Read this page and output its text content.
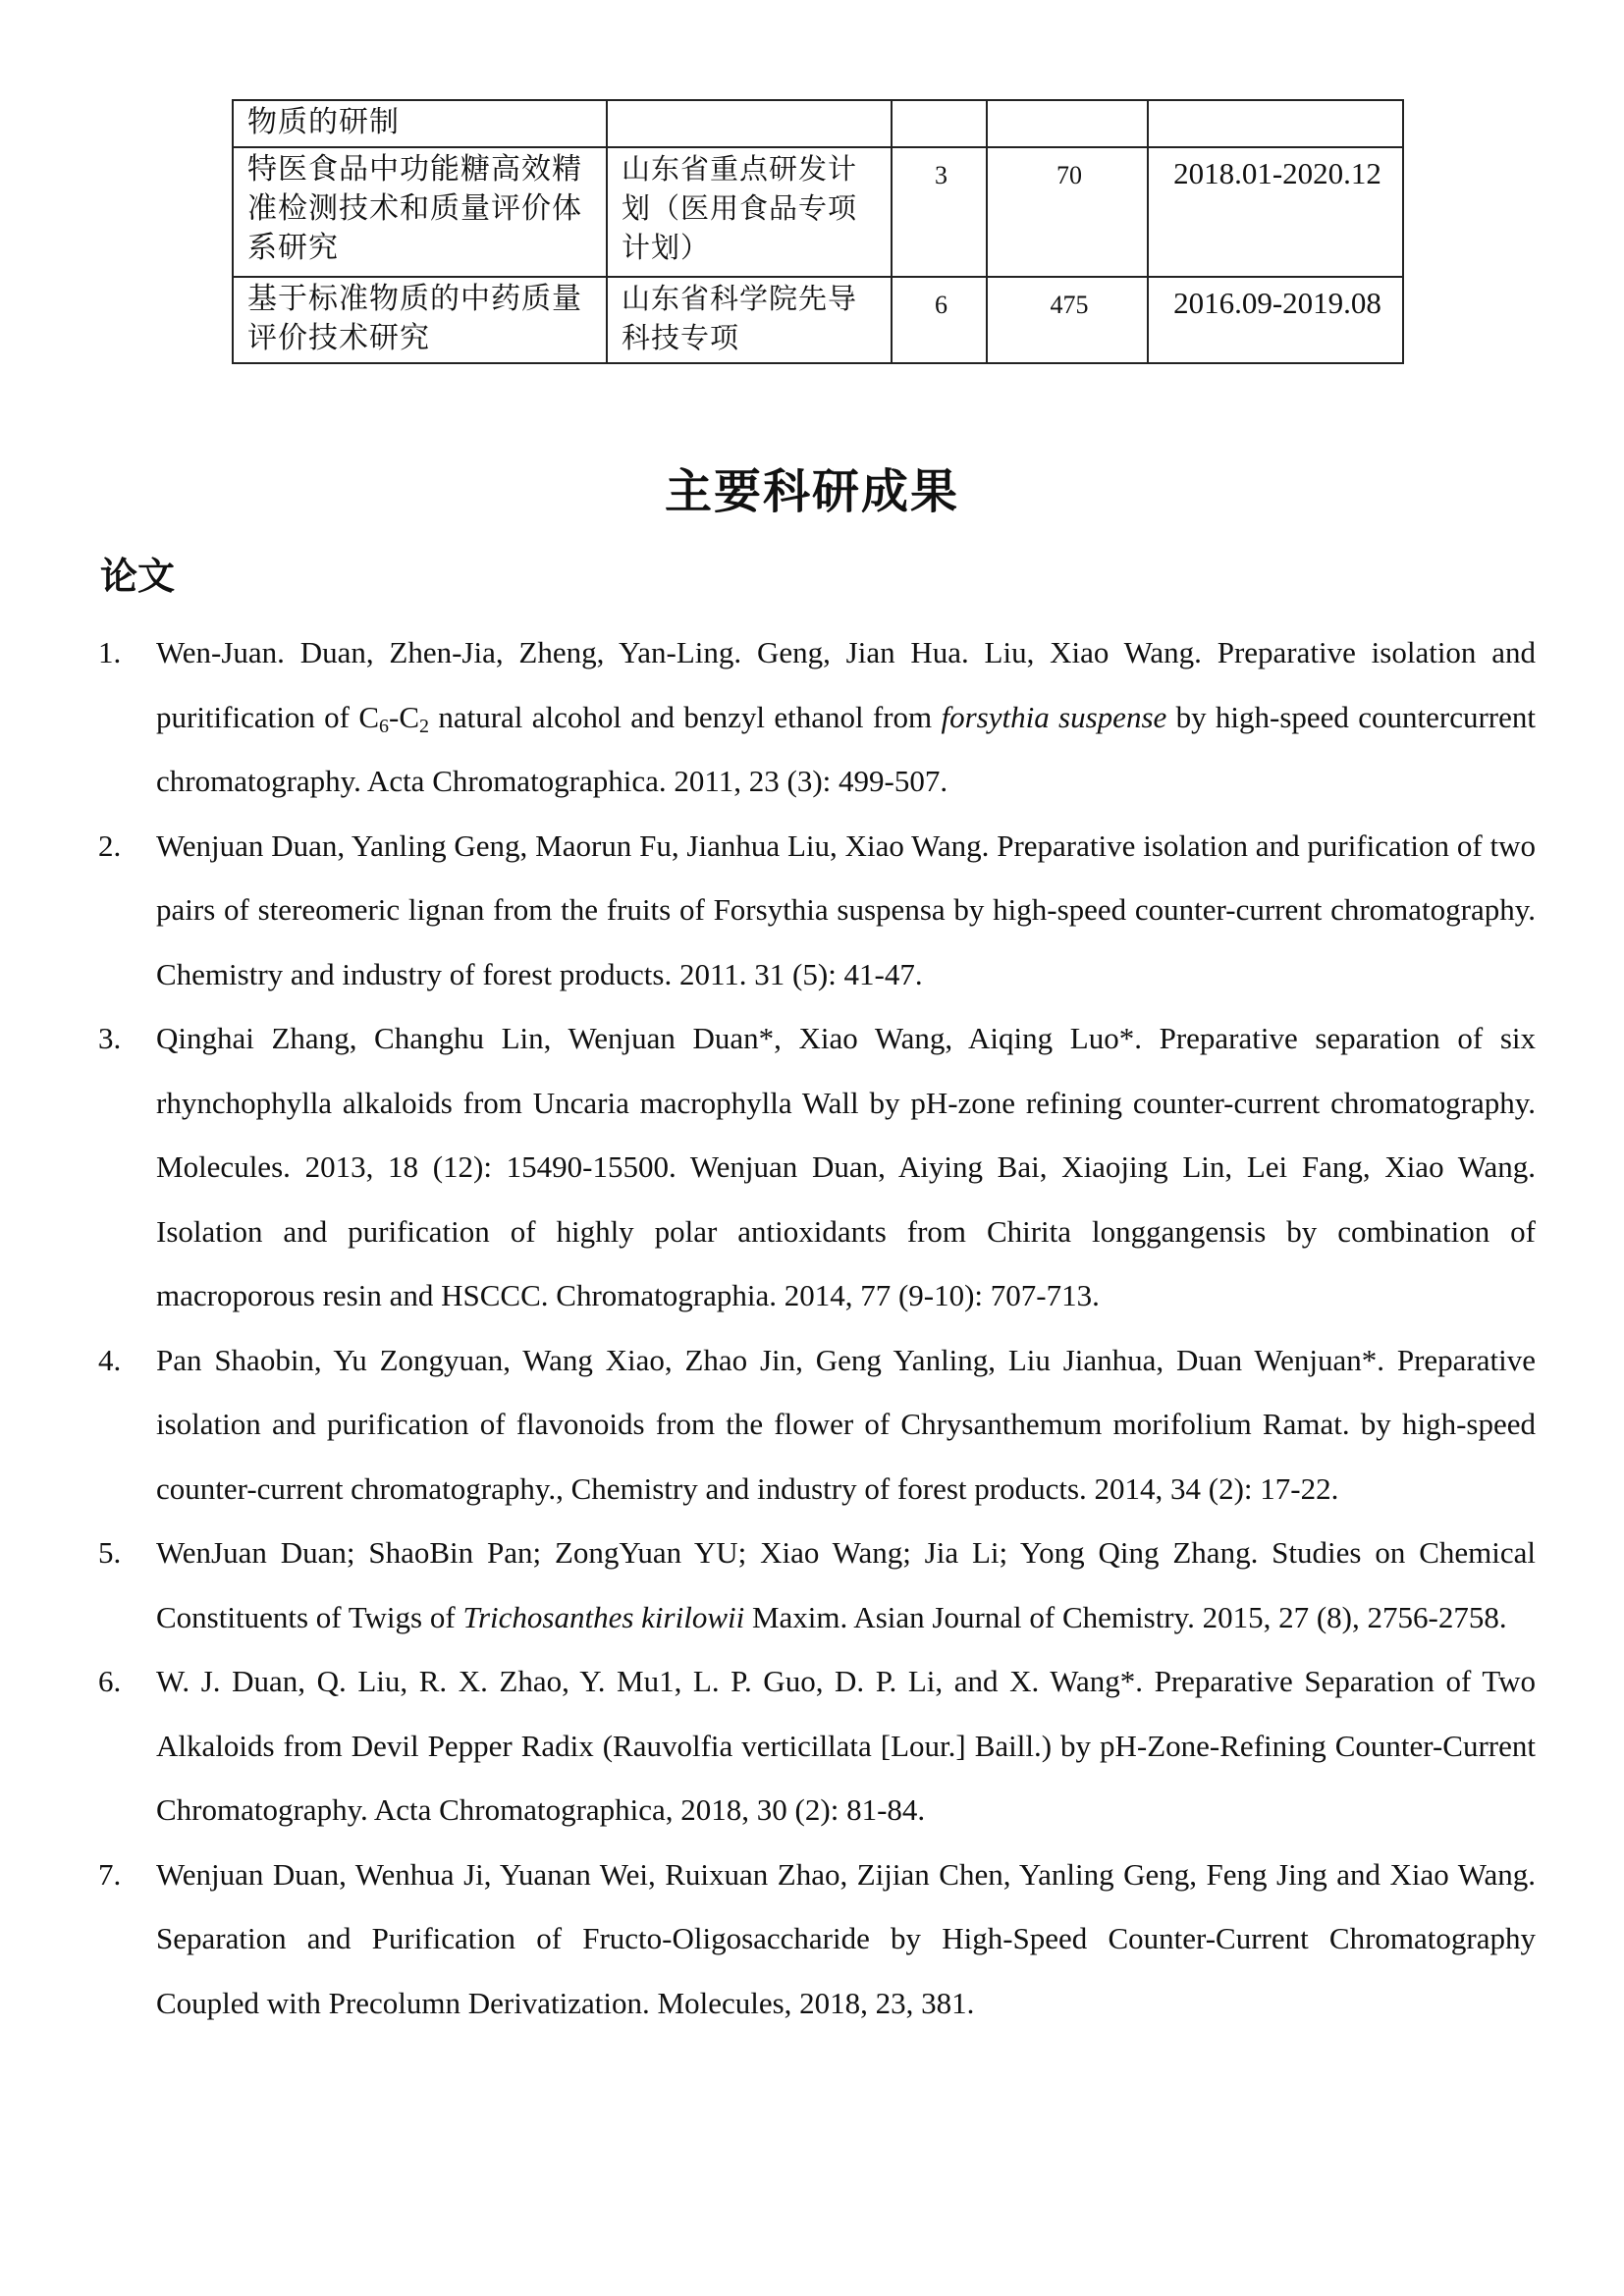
物质的研制				
特医食品中功能糖高效精准检测技术和质量评价体系研究	山东省重点研发计划（医用食品专项计划）	3	70	2018.01-2020.12
基于标准物质的中药质量评价技术研究	山东省科学院先导科技专项	6	475	2016.09-2019.08
主要科研成果
论文
1. Wen-Juan. Duan, Zhen-Jia, Zheng, Yan-Ling. Geng, Jian Hua. Liu, Xiao Wang. Preparative isolation and puritification of $C_6-C_2$ natural alcohol and benzyl ethanol from forsythia suspense by high-speed countercurrent chromatography. Acta Chromatographica. 2011, 23 (3): 499-507.
2. Wenjuan Duan, Yanling Geng, Maorun Fu, Jianhua Liu, Xiao Wang. Preparative isolation and purification of two pairs of stereomeric lignan from the fruits of Forsythia suspensa by high-speed counter-current chromatography. Chemistry and industry of forest products. 2011. 31 (5): 41-47.
3. Qinghai Zhang, Changhu Lin, Wenjuan Duan*, Xiao Wang, Aiqing Luo*. Preparative separation of six rhynchophylla alkaloids from Uncaria macrophylla Wall by pH-zone refining counter-current chromatography. Molecules. 2013, 18 (12): 15490-15500. Wenjuan Duan, Aiying Bai, Xiaojing Lin, Lei Fang, Xiao Wang. Isolation and purification of highly polar antioxidants from Chirita longgangensis by combination of macroporous resin and HSCCC. Chromatographia. 2014, 77 (9-10): 707-713.
4. Pan Shaobin, Yu Zongyuan, Wang Xiao, Zhao Jin, Geng Yanling, Liu Jianhua, Duan Wenjuan*. Preparative isolation and purification of flavonoids from the flower of Chrysanthemum morifolium Ramat. by high-speed counter-current chromatography., Chemistry and industry of forest products. 2014, 34 (2): 17-22.
5. WenJuan Duan; ShaoBin Pan; ZongYuan YU; Xiao Wang; Jia Li; Yong Qing Zhang. Studies on Chemical Constituents of Twigs of Trichosanthes kirilowii Maxim. Asian Journal of Chemistry. 2015, 27 (8), 2756-2758.
6. W. J. Duan, Q. Liu, R. X. Zhao, Y. Mu1, L. P. Guo, D. P. Li, and X. Wang*. Preparative Separation of Two Alkaloids from Devil Pepper Radix (Rauvolfia verticillata [Lour.] Baill.) by pH-Zone-Refining Counter-Current Chromatography. Acta Chromatographica, 2018, 30 (2): 81-84.
7. Wenjuan Duan, Wenhua Ji, Yuanan Wei, Ruixuan Zhao, Zijian Chen, Yanling Geng, Feng Jing and Xiao Wang. Separation and Purification of Fructo-Oligosaccharide by High-Speed Counter-Current Chromatography Coupled with Precolumn Derivatization. Molecules, 2018, 23, 381.
